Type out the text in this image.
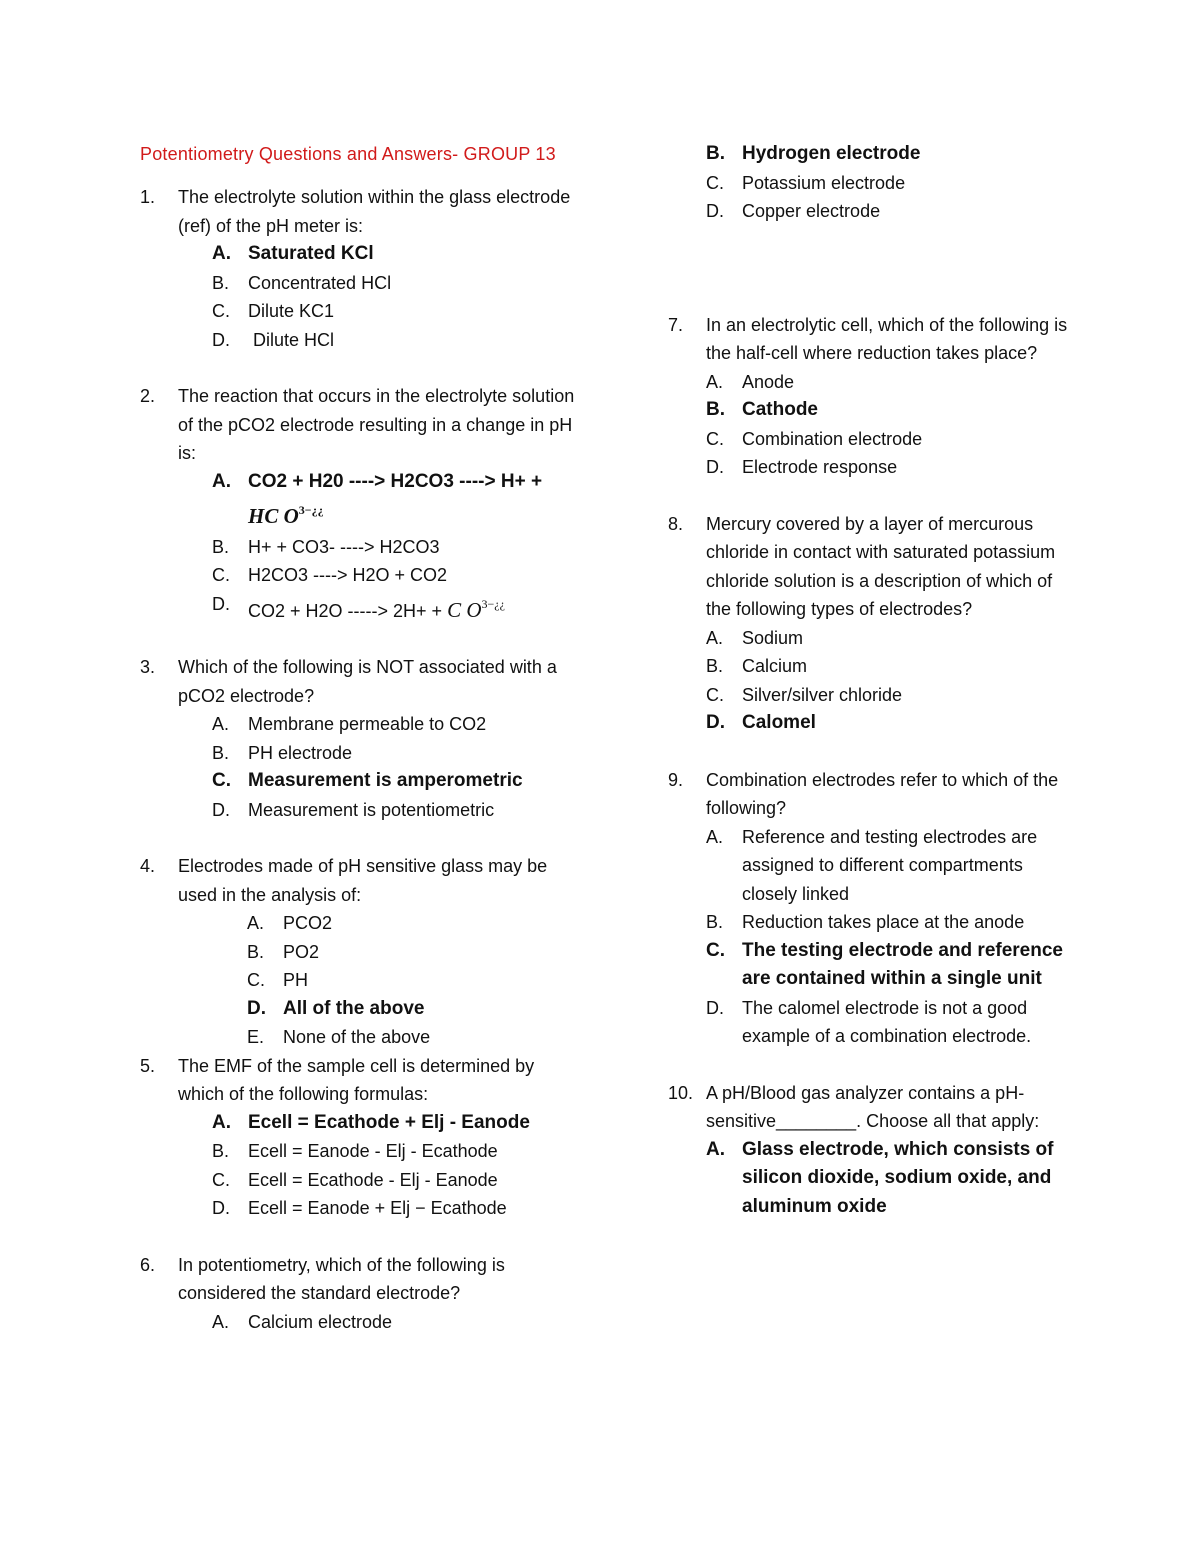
Potentiometry Questions and Answers- GROUP 13
1.	The electrolyte solution within the glass electrode (ref) of the pH meter is:
A. Saturated KCl
B.	Concentrated HCl
C.	Dilute KC1
D.	Dilute HCl
2.	The reaction that occurs in the electrolyte solution of the pCO2 electrode resulting in a change in pH is:
A. CO2 + H20 ----> H2CO3 ----> H+ +
HC $O^{3-¿¿}$
B.	H+ + CO3- ----> H2CO3
C.	H2CO3 ----> H2O + CO2
D.	CO2 + H2O -----> 2H+ + C $O^{3-¿¿}$
3.	Which of the following is NOT associated with a pCO2 electrode?
A.	Membrane permeable to CO2
B.	PH electrode
C. Measurement is amperometric
D.	Measurement is potentiometric
4.	Electrodes made of pH sensitive glass may be used in the analysis of:
A.	PCO2
B.	PO2
C.	PH
D. All of the above
E.	None of the above
5.	The EMF of the sample cell is determined by which of the following formulas:
A. Ecell = Ecathode + Elj - Eanode
B.	Ecell = Eanode - Elj - Ecathode
C.	Ecell = Ecathode - Elj - Eanode
D.	Ecell = Eanode + Elj − Ecathode
6.	In potentiometry, which of the following is considered the standard electrode?
A.	Calcium electrode
B. Hydrogen electrode
C.	Potassium electrode
D.	Copper electrode
7.	In an electrolytic cell, which of the following is the half-cell where reduction takes place?
A.	Anode
B. Cathode
C.	Combination electrode
D.	Electrode response
8.	Mercury covered by a layer of mercurous chloride in contact with saturated potassium chloride solution is a description of which of the following types of electrodes?
A.	Sodium
B.	Calcium
C.	Silver/silver chloride
D. Calomel
9.	Combination electrodes refer to which of the following?
A.	Reference and testing electrodes are assigned to different compartments closely linked
B.	Reduction takes place at the anode
C. The testing electrode and reference are contained within a single unit
D.	The calomel electrode is not a good example of a combination electrode.
10. A pH/Blood gas analyzer contains a pH-sensitive________. Choose all that apply:
A. Glass electrode, which consists of silicon dioxide, sodium oxide, and aluminum oxide
